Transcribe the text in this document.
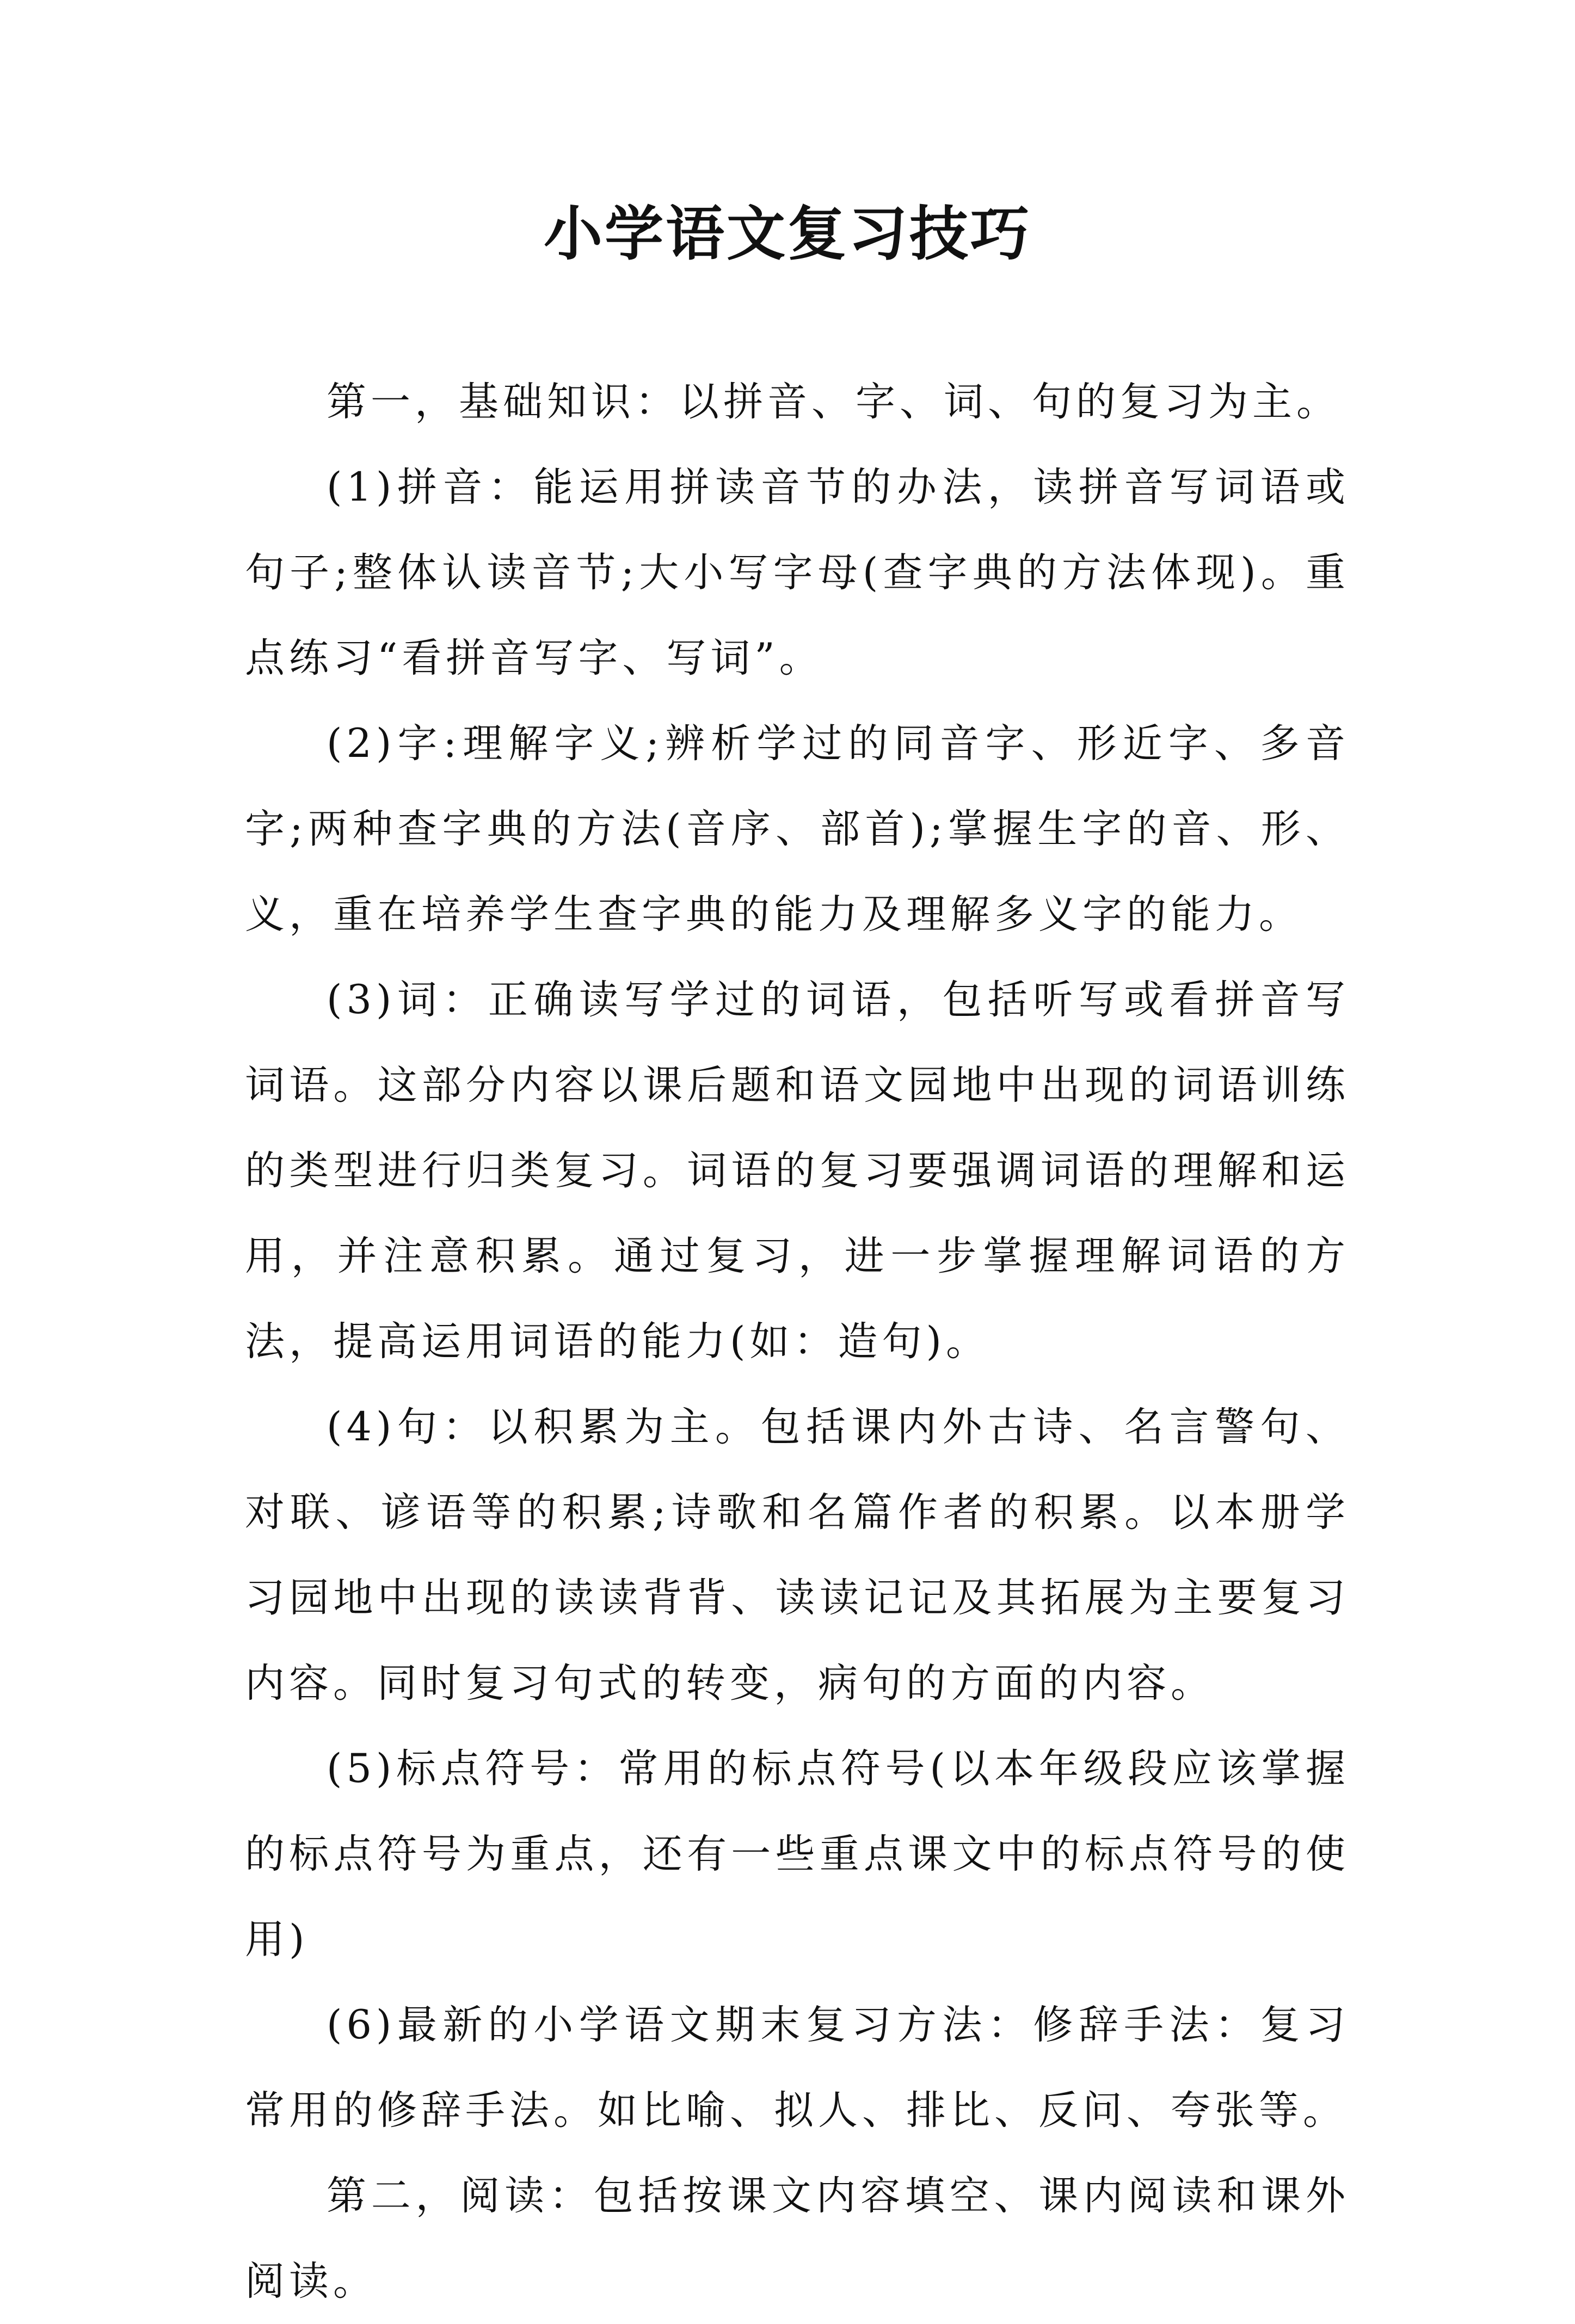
小学语文复习技巧

第一，基础知识：以拼音、字、词、句的复习为主。

(1)拼音：能运用拼读音节的办法，读拼音写词语或句子;整体认读音节;大小写字母(查字典的方法体现)。重点练习“看拼音写字、写词”。

(2)字:理解字义;辨析学过的同音字、形近字、多音字;两种查字典的方法(音序、部首);掌握生字的音、形、义，重在培养学生查字典的能力及理解多义字的能力。

(3)词：正确读写学过的词语，包括听写或看拼音写词语。这部分内容以课后题和语文园地中出现的词语训练的类型进行归类复习。词语的复习要强调词语的理解和运用，并注意积累。通过复习，进一步掌握理解词语的方法，提高运用词语的能力(如：造句)。

(4)句：以积累为主。包括课内外古诗、名言警句、对联、谚语等的积累;诗歌和名篇作者的积累。以本册学习园地中出现的读读背背、读读记记及其拓展为主要复习内容。同时复习句式的转变，病句的方面的内容。

(5)标点符号：常用的标点符号(以本年级段应该掌握的标点符号为重点，还有一些重点课文中的标点符号的使用)

(6)最新的小学语文期末复习方法：修辞手法：复习常用的修辞手法。如比喻、拟人、排比、反问、夸张等。

第二，阅读：包括按课文内容填空、课内阅读和课外阅读。
